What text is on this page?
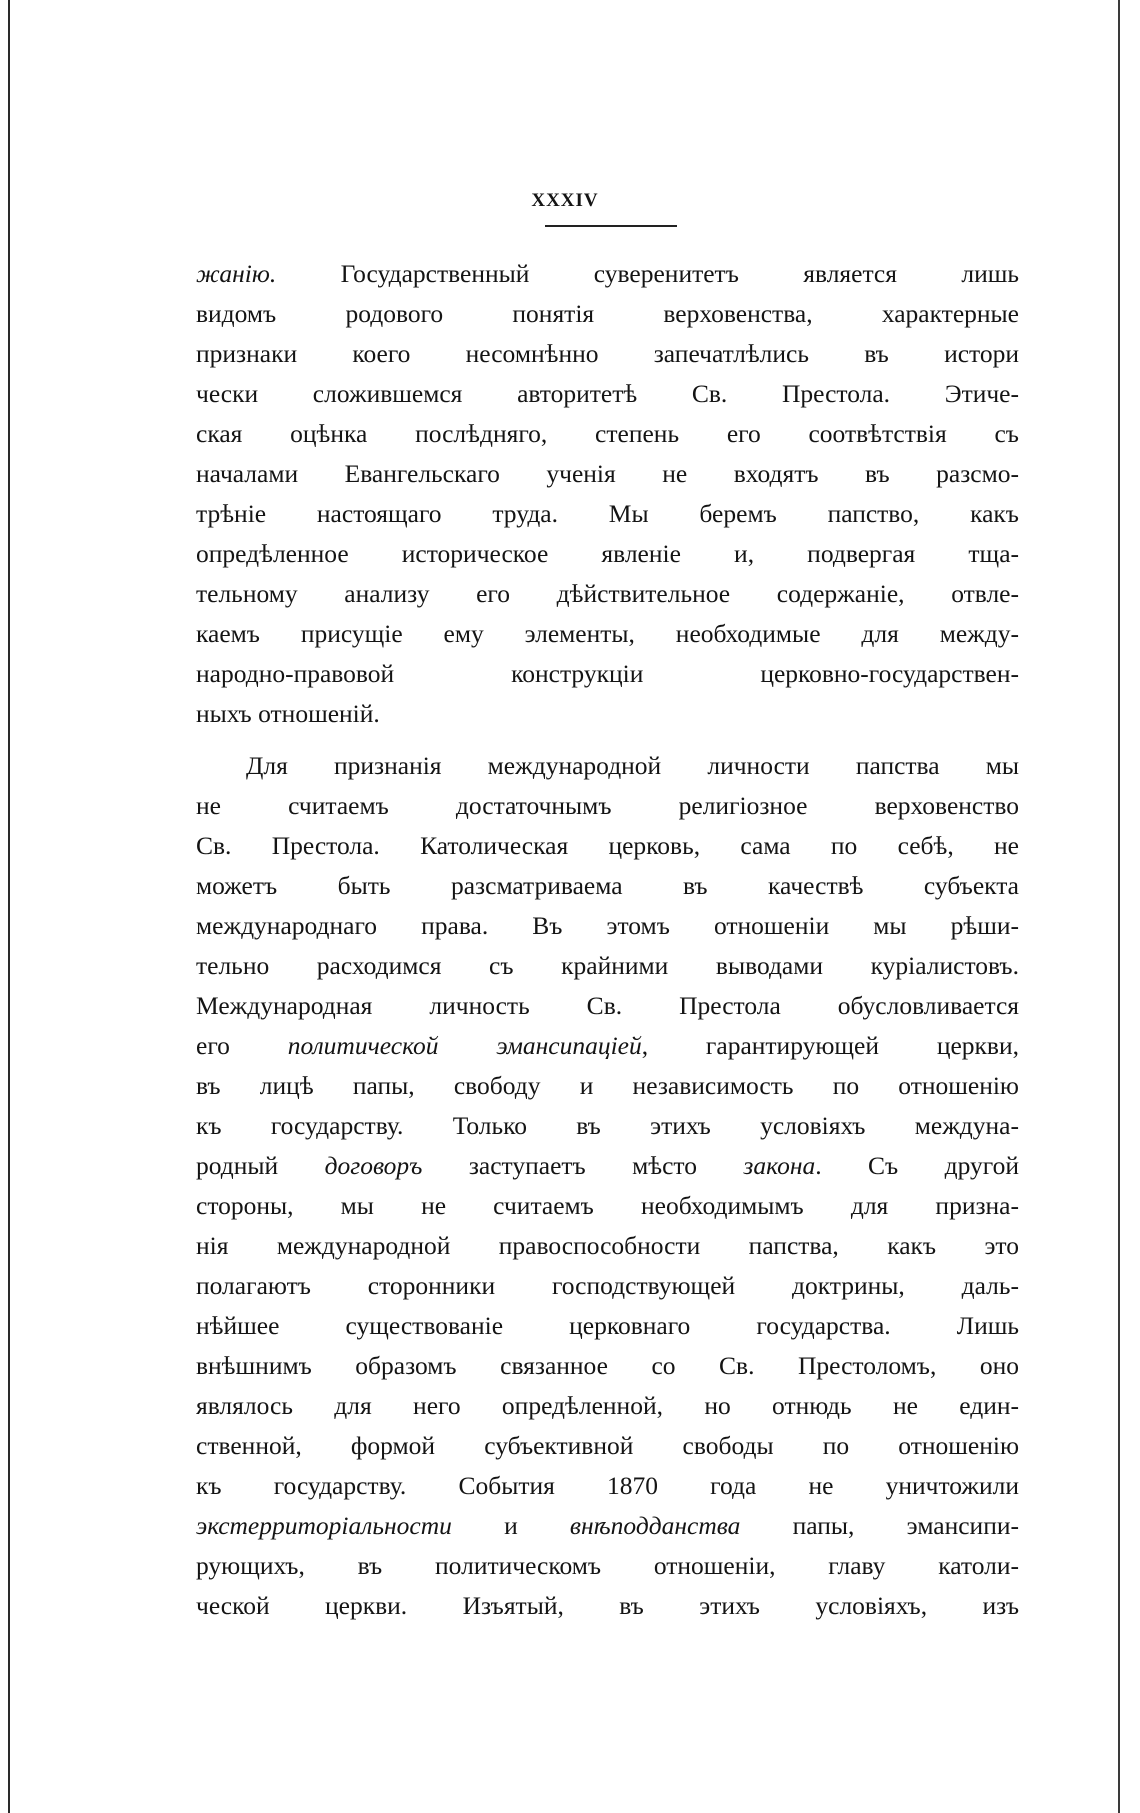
XXXIV
жанію. Государственный суверенитетъ является лишь
видомъ родового понятія верховенства, характерные
признаки коего несомнѣнно запечатлѣлись въ истори
чески сложившемся авторитетѣ Св. Престола. Этиче-
ская оцѣнка послѣдняго, степень его соотвѣтствія съ
началами Евангельскаго ученія не входятъ въ разсмо-
трѣніе настоящаго труда. Мы беремъ папство, какъ
опредѣленное историческое явленіе и, подвергая тща-
тельному анализу его дѣйствительное содержаніе, отвле-
каемъ присущіе ему элементы, необходимые для между-
народно-правовой конструкціи церковно-государствен-
ныхъ отношеній.
Для признанія международной личности папства мы
не считаемъ достаточнымъ религіозное верховенство
Св. Престола. Католическая церковь, сама по себѣ, не
можетъ быть разсматриваема въ качествѣ субъекта
международнаго права. Въ этомъ отношеніи мы рѣши-
тельно расходимся съ крайними выводами куріалистовъ.
Международная личность Св. Престола обусловливается
его политической эмансипаціей, гарантирующей церкви,
въ лицѣ папы, свободу и независимость по отношенію
къ государству. Только въ этихъ условіяхъ междуна-
родный договоръ заступаетъ мѣсто закона. Съ другой
стороны, мы не считаемъ необходимымъ для призна-
нія международной правоспособности папства, какъ это
полагаютъ сторонники господствующей доктрины, даль-
нѣйшее существованіе церковнаго государства. Лишь
внѣшнимъ образомъ связанное со Св. Престоломъ, оно
являлось для него опредѣленной, но отнюдь не един-
ственной, формой субъективной свободы по отношенію
къ государству. События 1870 года не уничтожили
экстерриторіальности и внѣподданства папы, эмансипи-
рующихъ, въ политическомъ отношеніи, главу католи-
ческой церкви. Изъятый, въ этихъ условіяхъ, изъ
